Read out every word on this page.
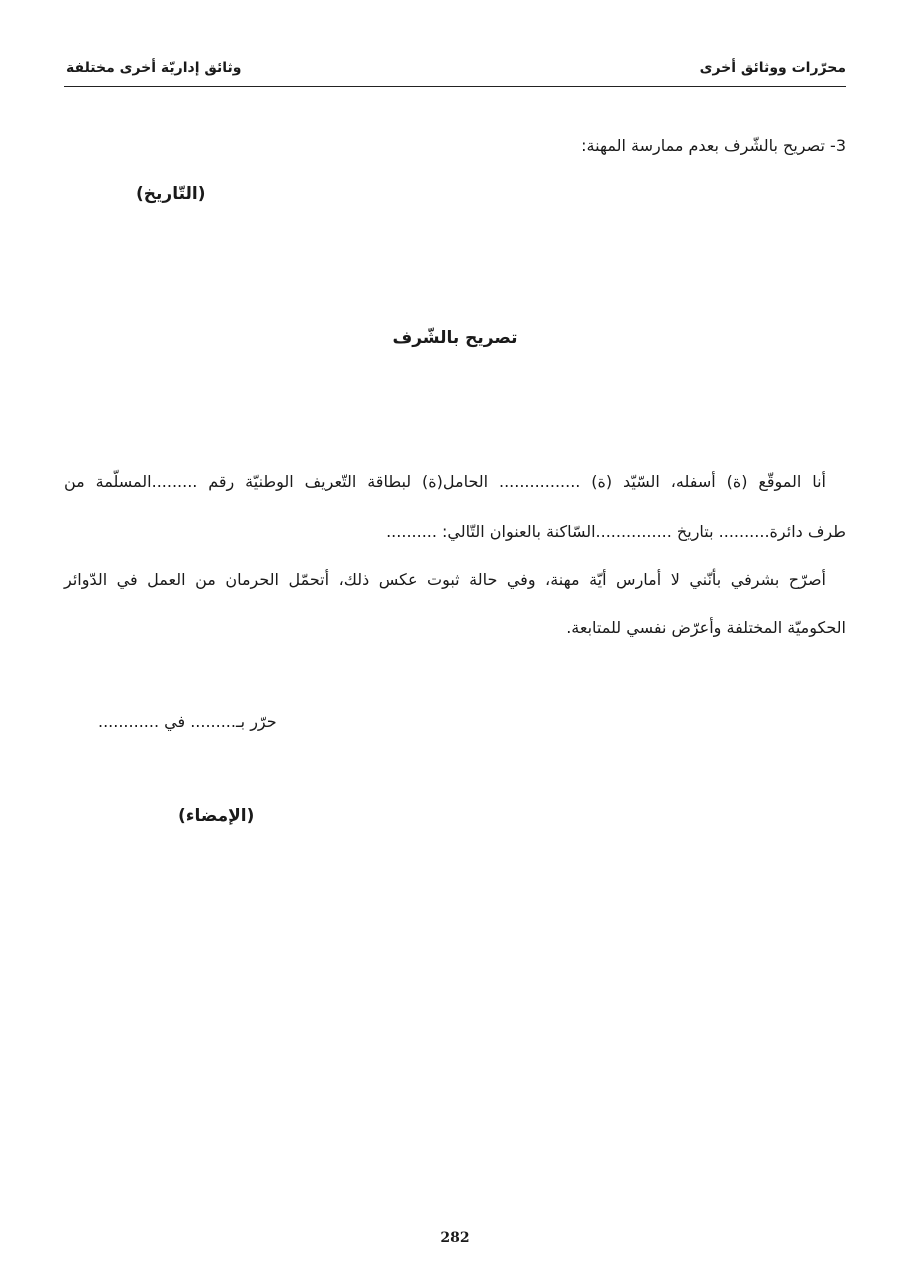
محرّرات ووثائق أخرى
وثائق إداريّة أخرى مختلفة
3- تصريح بالشّرف بعدم ممارسة المهنة:
(التّاريخ)
تصريح بالشّرف
أنا الموقّع (ة) أسفله، السّيّد (ة) ................ الحامل(ة) لبطاقة التّعريف الوطنيّة رقم .........المسلّمة من
طرف دائرة.......... بتاريخ ...............السّاكنة بالعنوان التّالي: ..........
أصرّح بشرفي بأنّني لا أمارس أيّة مهنة، وفي حالة ثبوت عكس ذلك، أتحمّل الحرمان من العمل في الدّوائر
الحكوميّة المختلفة وأعرّض نفسي للمتابعة.
حرّر بـ......... في ............
(الإمضاء)
282
